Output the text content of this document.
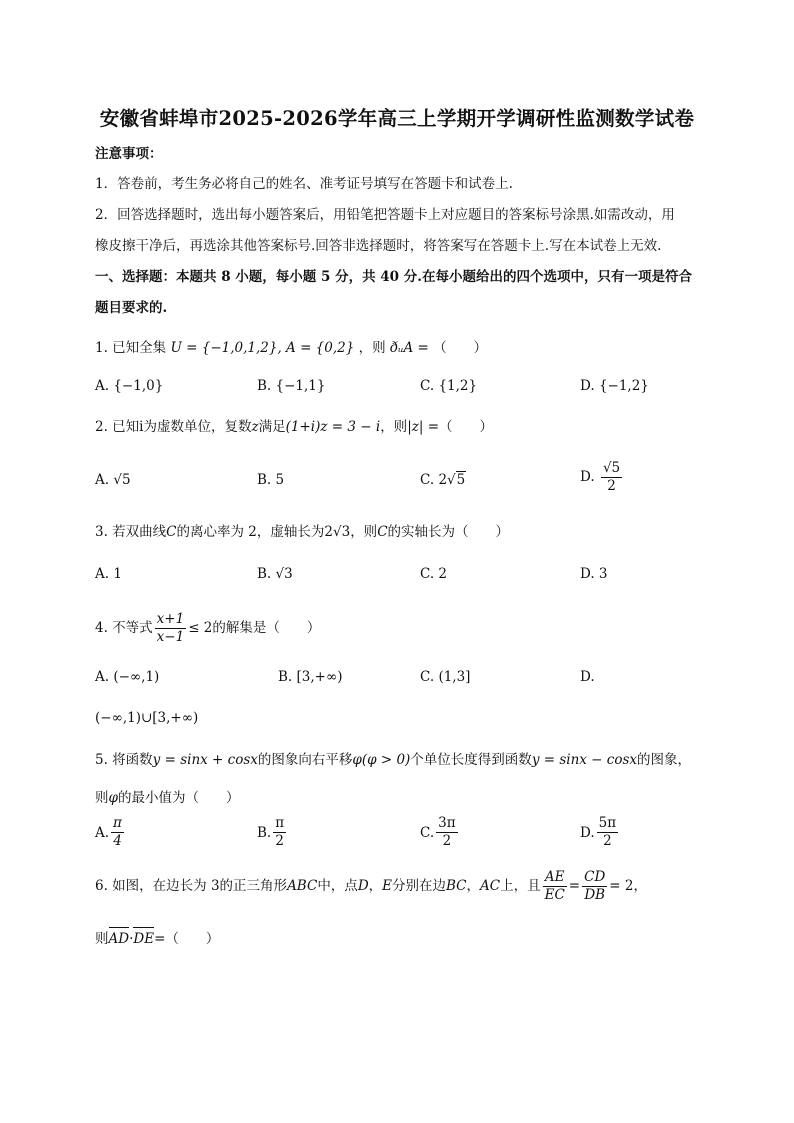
安徽省蚌埠市2025-2026学年高三上学期开学调研性监测数学试卷
注意事项：
1．答卷前，考生务必将自己的姓名、准考证号填写在答题卡和试卷上.
2．回答选择题时，选出每小题答案后，用铅笔把答题卡上对应题目的答案标号涂黑.如需改动，用
橡皮擦干净后，再选涂其他答案标号.回答非选择题时，将答案写在答题卡上.写在本试卷上无效.
一、选择题：本题共 8 小题，每小题 5 分，共 40 分.在每小题给出的四个选项中，只有一项是符合
题目要求的.
1. 已知全集 U = {−1,0,1,2}, A = {0,2} ，则 ðᵤA = （　　）
A. {−1,0}	B. {−1,1}	C. {1,2}	D. {−1,2}
2. 已知i为虚数单位，复数z满足(1+i)z = 3 − i，则|z| =（　　）
A. √5	B. 5	C. 2√5	D. $\frac{√5}{2}$
3. 若双曲线C的离心率为 2，虚轴长为2√3，则C的实轴长为（　　）
A. 1	B. √3	C. 2	D. 3
4. 不等式 $\frac{x+1}{x-1} \le 2$ 的解集是（　　）
A. (−∞,1)	B. [3,+∞)	C. (1,3]	D.
(−∞,1)∪[3,+∞)
5. 将函数y = sinx + cosx的图象向右平移φ(φ > 0)个单位长度得到函数y = sinx − cosx的图象，
则φ的最小值为（　　）
A. $\frac{\pi}{4}$	B. $\frac{\pi}{2}$	C. $\frac{3\pi}{2}$	D. $\frac{5\pi}{2}$
6. 如图，在边长为 3的正三角形 ABC 中，点 D ， E 分别在边 BC ， AC 上，且 $\frac{AE}{EC} = \frac{CD}{DB} = 2$ ，
则AD·DE=（　　）
